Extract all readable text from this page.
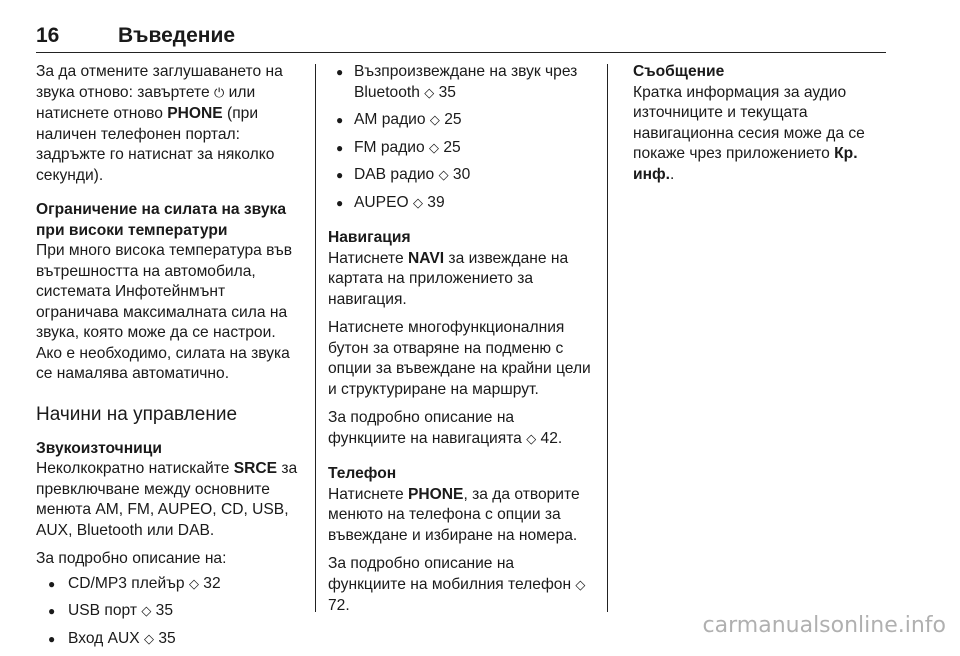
16	Въведение

За да отмените заглушаването на звука отново: завъртете ⏻ или натиснете отново PHONE (при наличен телефонен портал: задръжте го натиснат за няколко секунди).

Ограничение на силата на звука при високи температури

При много висока температура във вътрешността на автомобила, системата Инфотейнмънт ограничава максималната сила на звука, която може да се настрои. Ако е необходимо, силата на звука се намалява автоматично.

Начини на управление

Звукоизточници

Неколкократно натискайте SRCE за превключване между основните менюта AM, FM, AUPEO, CD, USB, AUX, Bluetooth или DAB.

За подробно описание на:

● CD/MP3 плейър ◇ 32
● USB порт ◇ 35
● Вход AUX ◇ 35
● Възпроизвеждане на звук чрез Bluetooth ◇ 35
● AM радио ◇ 25
● FM радио ◇ 25
● DAB радио ◇ 30
● AUPEO ◇ 39

Навигация

Натиснете NAVI за извеждане на картата на приложението за навигация.

Натиснете многофункционалния бутон за отваряне на подменю с опции за въвеждане на крайни цели и структуриране на маршрут.

За подробно описание на функциите на навигацията ◇ 42.

Телефон

Натиснете PHONE, за да отворите менюто на телефона с опции за въвеждане и избиране на номера.

За подробно описание на функциите на мобилния телефон ◇ 72.

Съобщение

Кратка информация за аудио източниците и текущата навигационна сесия може да се покаже чрез приложението Кр. инф..

carmanualsonline.info
